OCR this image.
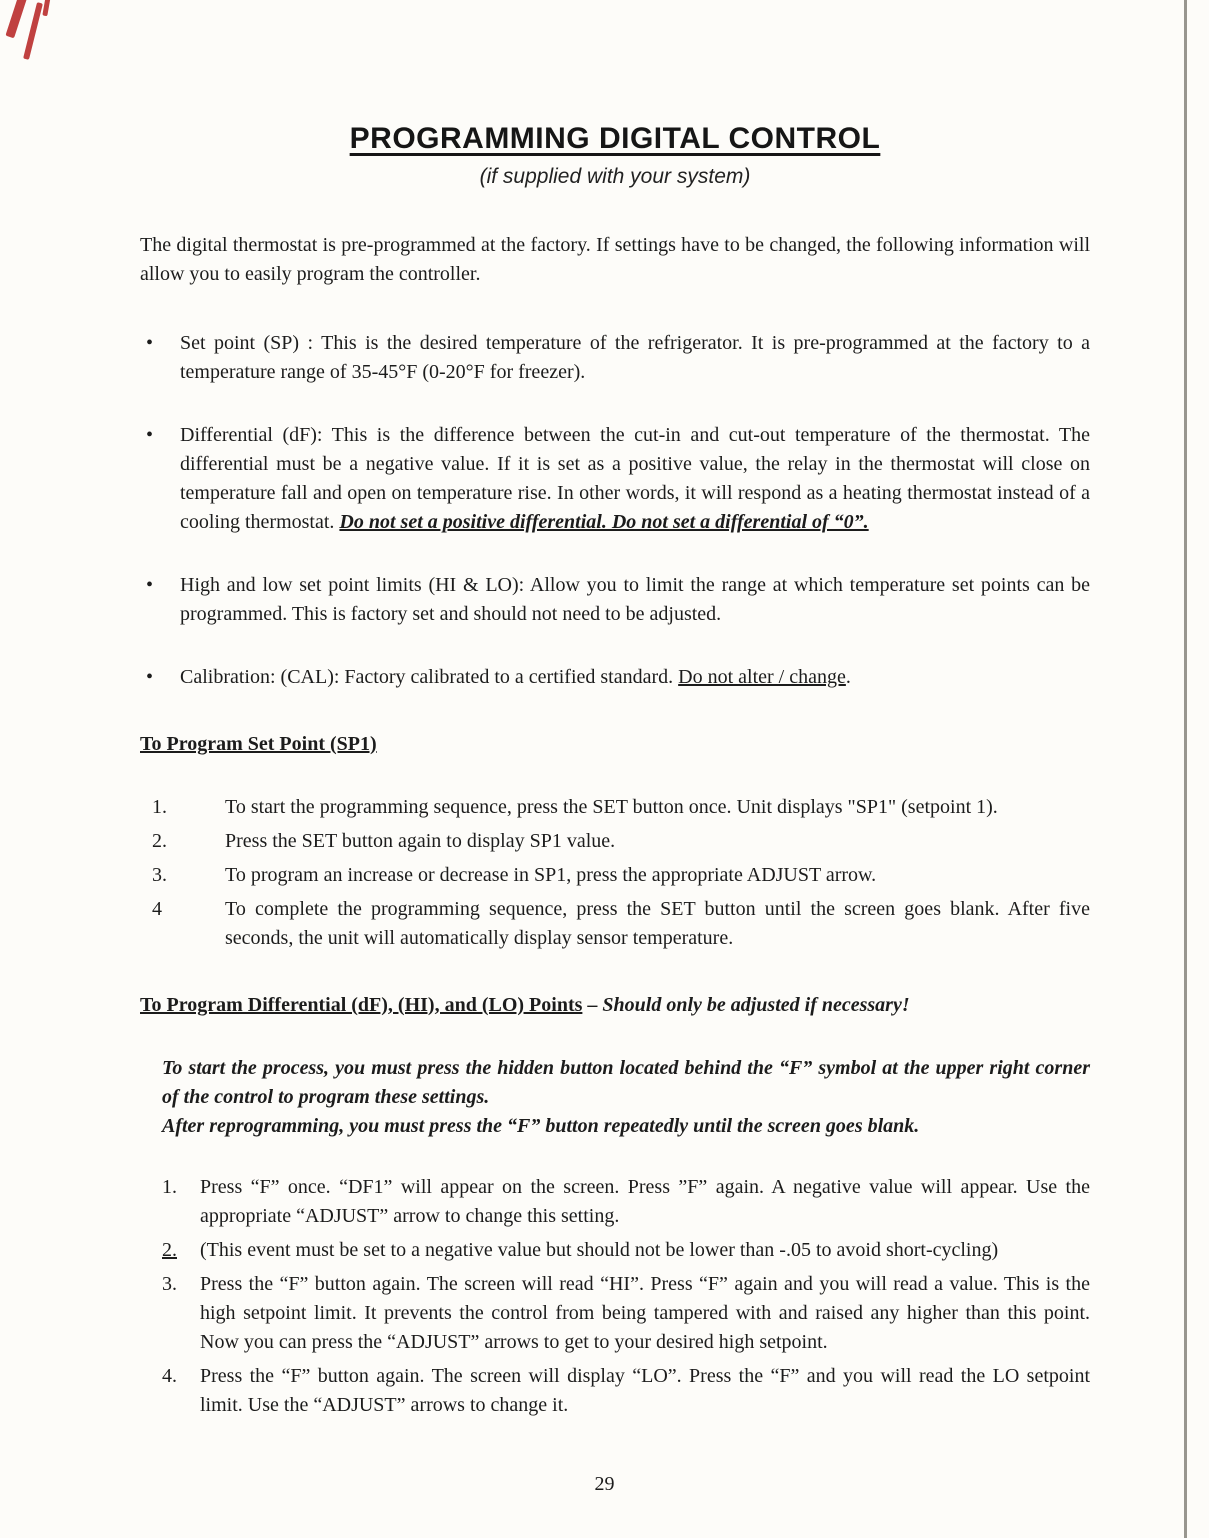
PROGRAMMING DIGITAL CONTROL
(if supplied with your system)

The digital thermostat is pre-programmed at the factory. If settings have to be changed, the following information will allow you to easily program the controller.

•	Set point (SP) : This is the desired temperature of the refrigerator. It is pre-programmed at the factory to a temperature range of 35-45°F (0-20°F for freezer).
•	Differential (dF): This is the difference between the cut-in and cut-out temperature of the thermostat. The differential must be a negative value. If it is set as a positive value, the relay in the thermostat will close on temperature fall and open on temperature rise. In other words, it will respond as a heating thermostat instead of a cooling thermostat. Do not set a positive differential. Do not set a differential of “0”.
•	High and low set point limits (HI & LO): Allow you to limit the range at which temperature set points can be programmed. This is factory set and should not need to be adjusted.
•	Calibration: (CAL): Factory calibrated to a certified standard. Do not alter / change.
To Program Set Point (SP1)
1.	To start the programming sequence, press the SET button once. Unit displays "SP1" (setpoint 1).
2.	Press the SET button again to display SP1 value.
3.	To program an increase or decrease in SP1, press the appropriate ADJUST arrow.
4	To complete the programming sequence, press the SET button until the screen goes blank. After five seconds, the unit will automatically display sensor temperature.
To Program Differential (dF), (HI), and (LO) Points – Should only be adjusted if necessary!

To start the process, you must press the hidden button located behind the “F” symbol at the upper right corner of the control to program these settings.

After reprogramming, you must press the “F” button repeatedly until the screen goes blank.

1.	Press “F” once. “DF1” will appear on the screen. Press ”F” again. A negative value will appear. Use the appropriate “ADJUST” arrow to change this setting.
2.	(This event must be set to a negative value but should not be lower than -.05 to avoid short-cycling)
3.	Press the “F” button again. The screen will read “HI”. Press “F” again and you will read a value. This is the high setpoint limit. It prevents the control from being tampered with and raised any higher than this point. Now you can press the “ADJUST” arrows to get to your desired high setpoint.
4.	Press the “F” button again. The screen will display “LO”. Press the “F” and you will read the LO setpoint limit. Use the “ADJUST” arrows to change it.
29
